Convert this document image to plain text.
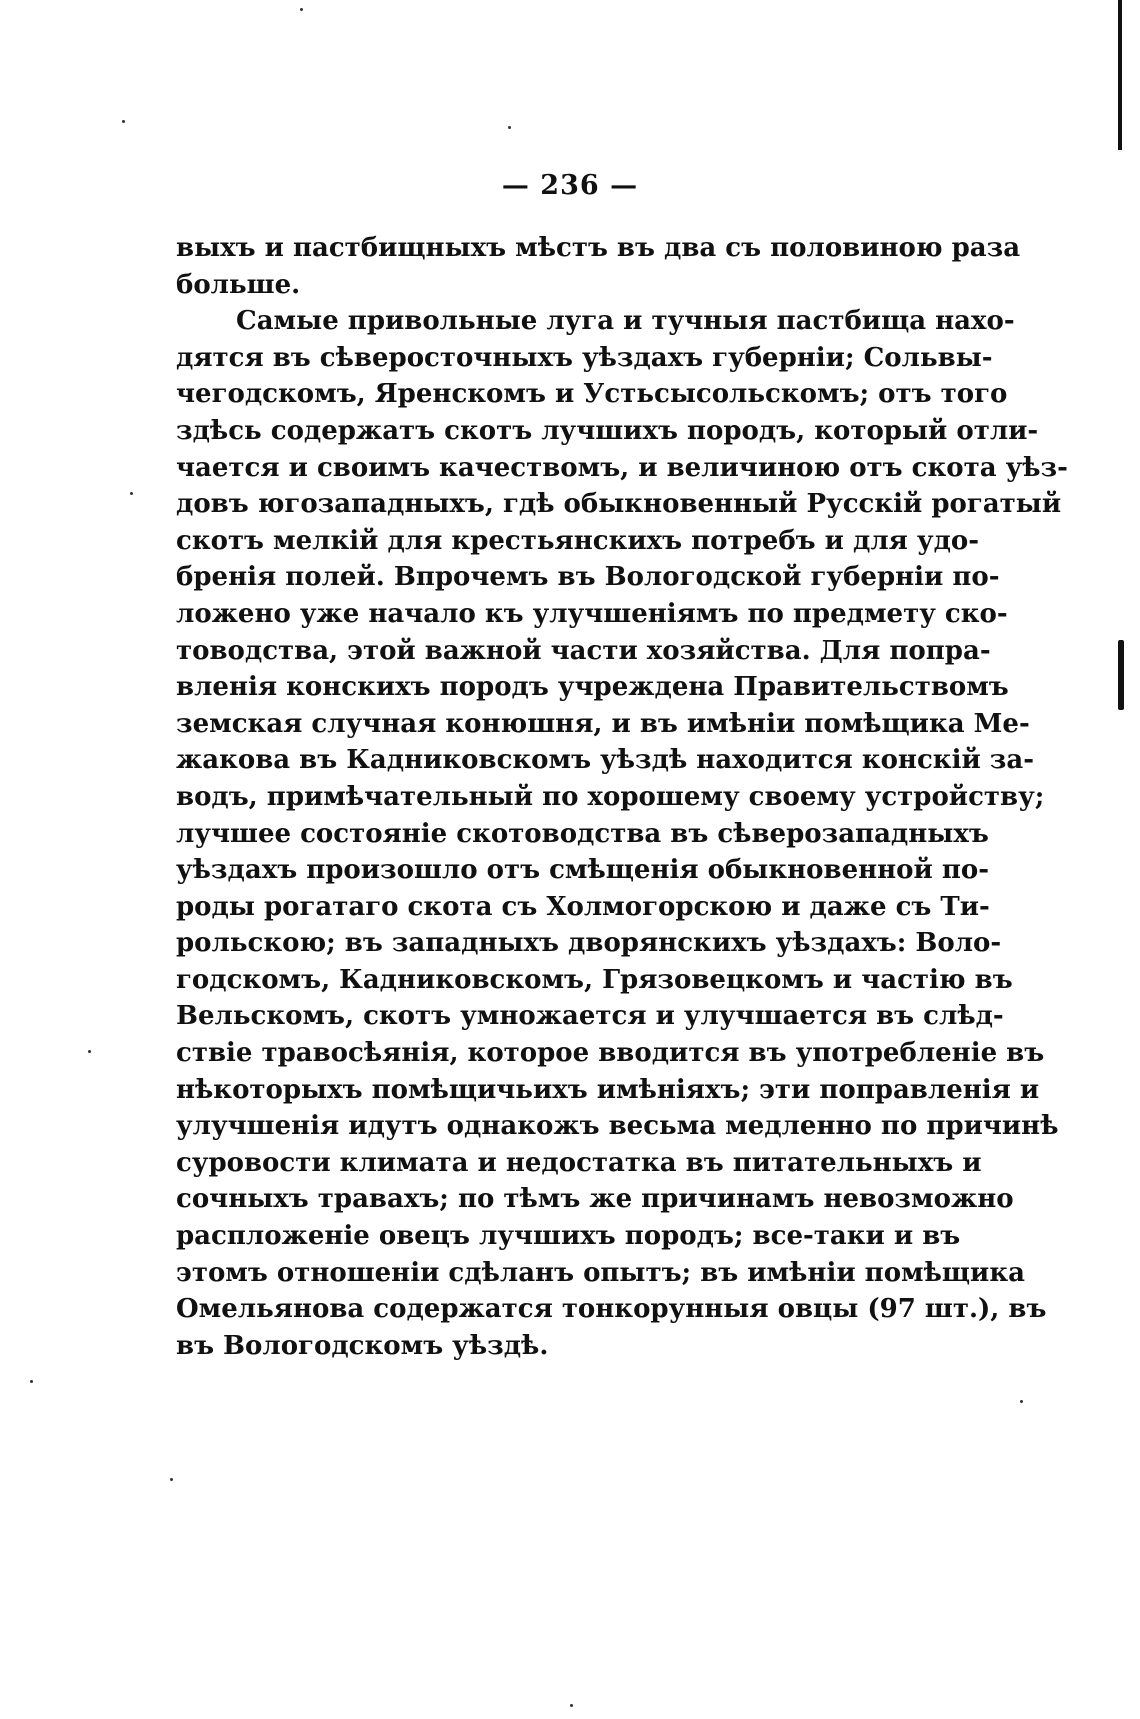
— 236 —
выхъ и пастбищныхъ мѣстъ въ два съ половиною раза
больше.
Самые привольные луга и тучныя пастбища нахо-
дятся въ сѣверосточныхъ уѣздахъ губерніи; Сольвы-
чегодскомъ, Яренскомъ и Устьсысольскомъ; отъ того
здѣсь содержатъ скотъ лучшихъ породъ, который отли-
чается и своимъ качествомъ, и величиною отъ скота уѣз-
довъ югозападныхъ, гдѣ обыкновенный Русскій рогатый
скотъ мелкій для крестьянскихъ потребъ и для удо-
бренія полей. Впрочемъ въ Вологодской губерніи по-
ложено уже начало къ улучшеніямъ по предмету ско-
товодства, этой важной части хозяйства. Для попра-
вленія конскихъ породъ учреждена Правительствомъ
земская случная конюшня, и въ имѣніи помѣщика Ме-
жакова въ Кадниковскомъ уѣздѣ находится конскій за-
водъ, примѣчательный по хорошему своему устройству;
лучшее состояніе скотоводства въ сѣверозападныхъ
уѣздахъ произошло отъ смѣщенія обыкновенной по-
роды рогатаго скота съ Холмогорскою и даже съ Ти-
рольскою; въ западныхъ дворянскихъ уѣздахъ: Воло-
годскомъ, Кадниковскомъ, Грязовецкомъ и частію въ
Вельскомъ, скотъ умножается и улучшается въ слѣд-
ствіе травосѣянія, которое вводится въ употребленіе въ
нѣкоторыхъ помѣщичьихъ имѣніяхъ; эти поправленія и
улучшенія идутъ однакожъ весьма медленно по причинѣ
суровости климата и недостатка въ питательныхъ и
сочныхъ травахъ; по тѣмъ же причинамъ невозможно
распложеніе овецъ лучшихъ породъ; все-таки и въ
этомъ отношеніи сдѣланъ опытъ; въ имѣніи помѣщика
Омельянова содержатся тонкорунныя овцы (97 шт.), въ
въ Вологодскомъ уѣздѣ.
